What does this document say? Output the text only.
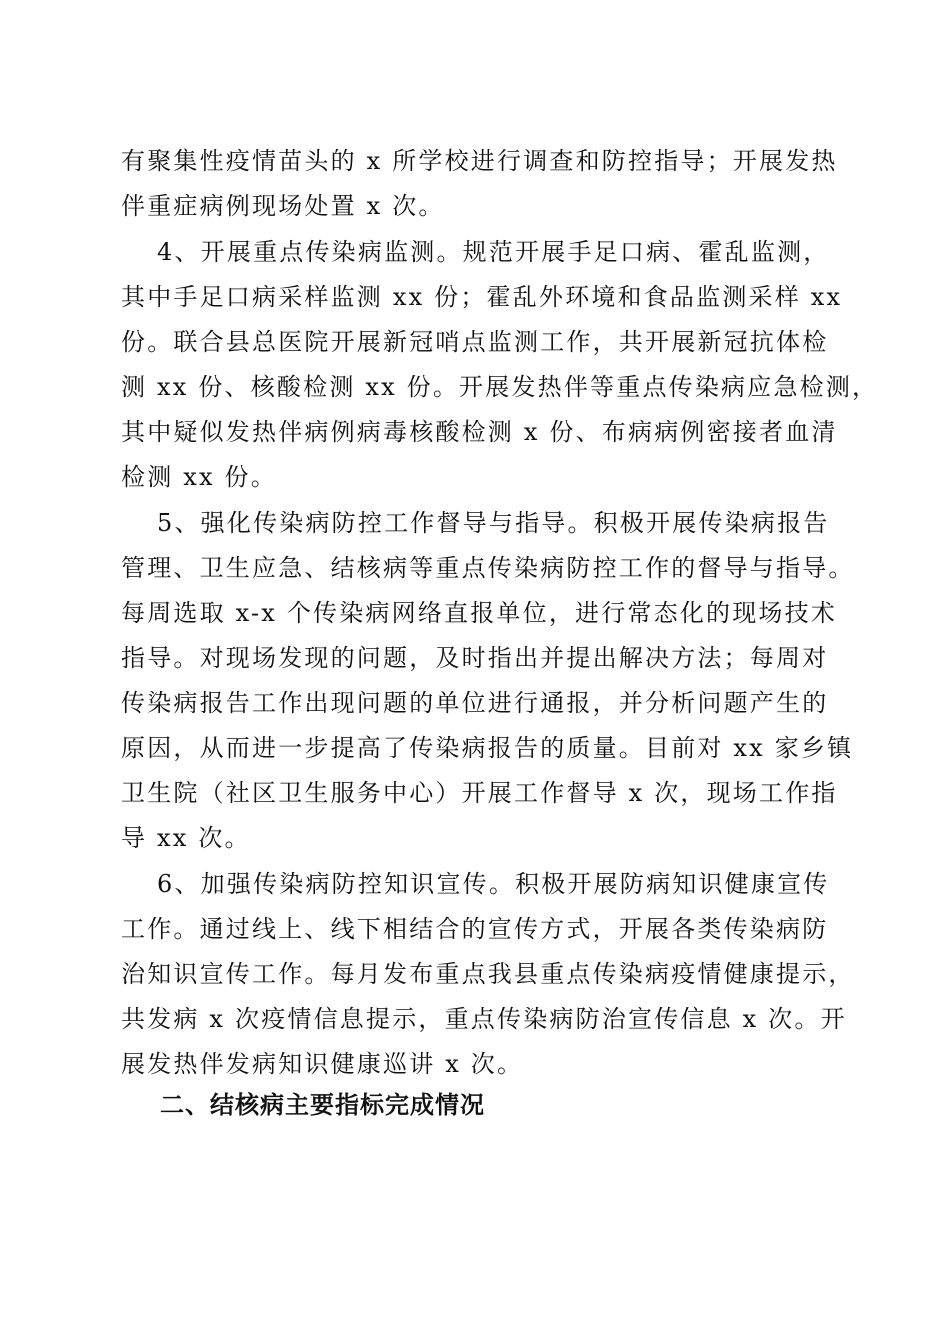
有聚集性疫情苗头的 x 所学校进行调查和防控指导；开展发热
伴重症病例现场处置 x 次。
4、开展重点传染病监测。规范开展手足口病、霍乱监测，
其中手足口病采样监测 xx 份；霍乱外环境和食品监测采样 xx
份。联合县总医院开展新冠哨点监测工作，共开展新冠抗体检
测 xx 份、核酸检测 xx 份。开展发热伴等重点传染病应急检测，
其中疑似发热伴病例病毒核酸检测 x 份、布病病例密接者血清
检测 xx 份。
5、强化传染病防控工作督导与指导。积极开展传染病报告
管理、卫生应急、结核病等重点传染病防控工作的督导与指导。
每周选取 x-x 个传染病网络直报单位，进行常态化的现场技术
指导。对现场发现的问题，及时指出并提出解决方法；每周对
传染病报告工作出现问题的单位进行通报，并分析问题产生的
原因，从而进一步提高了传染病报告的质量。目前对 xx 家乡镇
卫生院（社区卫生服务中心）开展工作督导 x 次，现场工作指
导 xx 次。
6、加强传染病防控知识宣传。积极开展防病知识健康宣传
工作。通过线上、线下相结合的宣传方式，开展各类传染病防
治知识宣传工作。每月发布重点我县重点传染病疫情健康提示，
共发病 x 次疫情信息提示，重点传染病防治宣传信息 x 次。开
展发热伴发病知识健康巡讲 x 次。
二、结核病主要指标完成情况
